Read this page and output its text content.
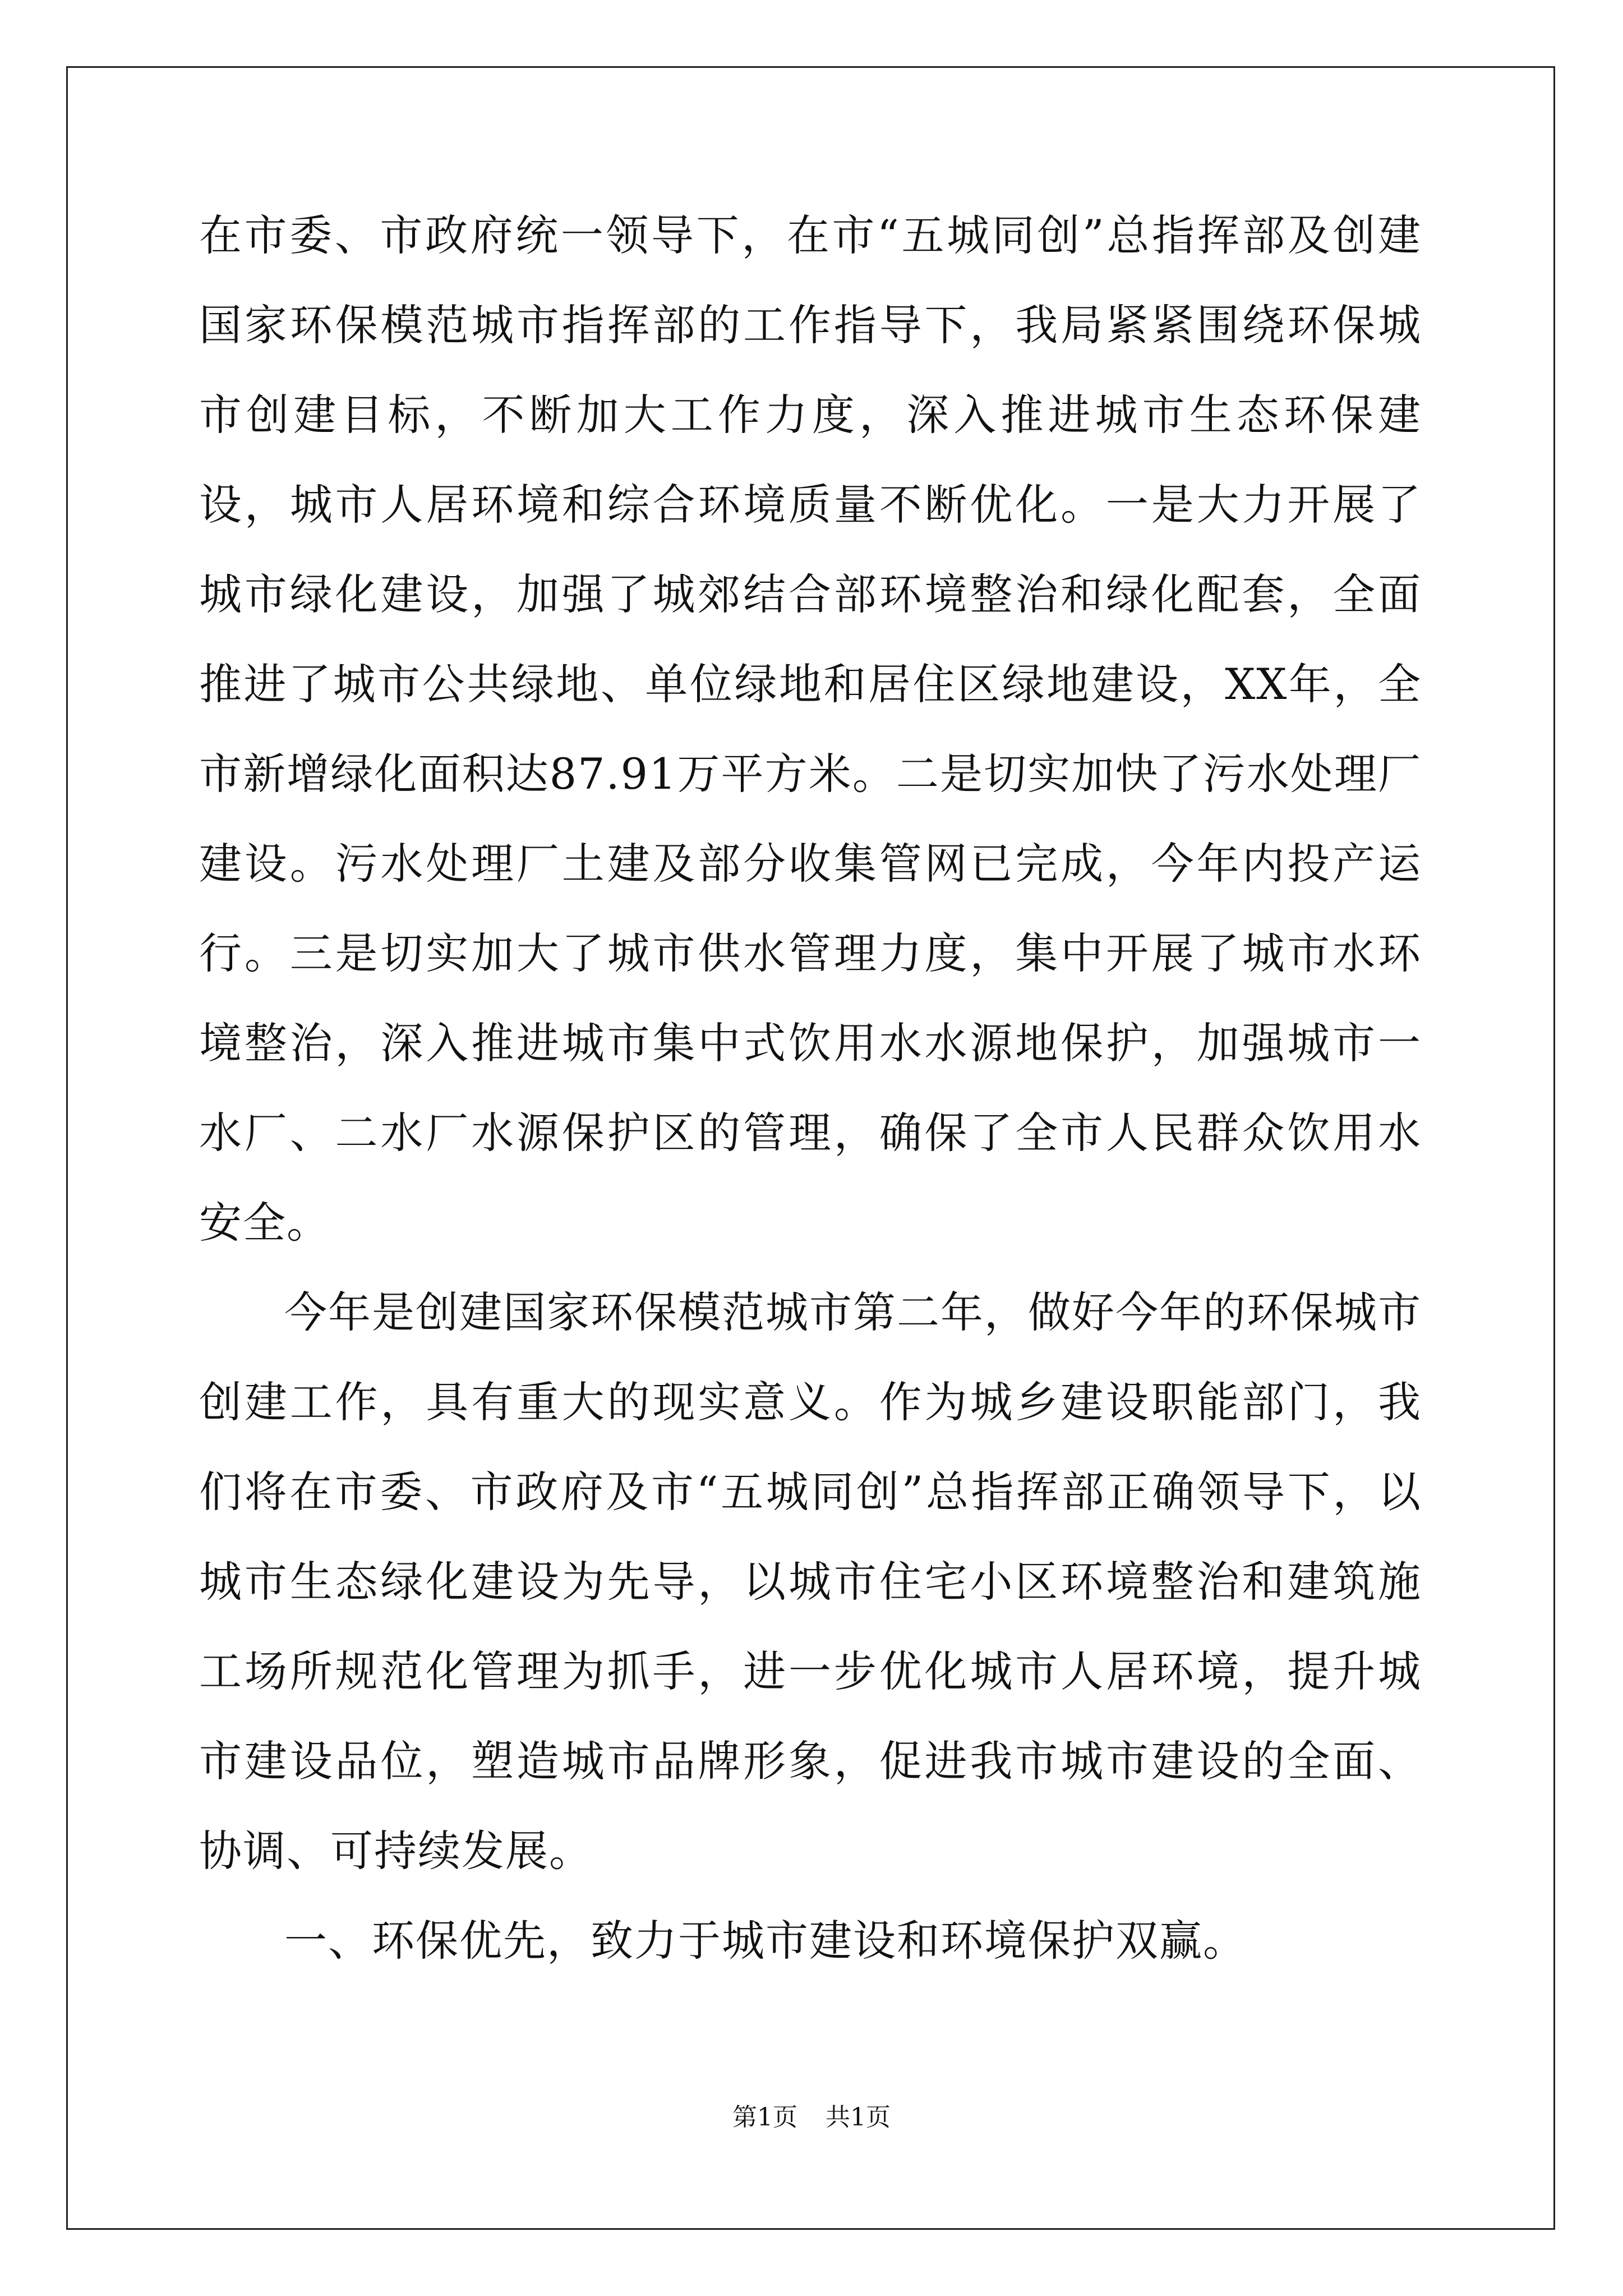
在市委、市政府统一领导下，在市“五城同创”总指挥部及创建国家环保模范城市指挥部的工作指导下，我局紧紧围绕环保城市创建目标，不断加大工作力度，深入推进城市生态环保建设，城市人居环境和综合环境质量不断优化。一是大力开展了城市绿化建设，加强了城郊结合部环境整治和绿化配套，全面推进了城市公共绿地、单位绿地和居住区绿地建设，XX年，全市新增绿化面积达87.91万平方米。二是切实加快了污水处理厂建设。污水处理厂土建及部分收集管网已完成，今年内投产运行。三是切实加大了城市供水管理力度，集中开展了城市水环境整治，深入推进城市集中式饮用水水源地保护，加强城市一水厂、二水厂水源保护区的管理，确保了全市人民群众饮用水安全。

今年是创建国家环保模范城市第二年，做好今年的环保城市创建工作，具有重大的现实意义。作为城乡建设职能部门，我们将在市委、市政府及市“五城同创”总指挥部正确领导下，以城市生态绿化建设为先导，以城市住宅小区环境整治和建筑施工场所规范化管理为抓手，进一步优化城市人居环境，提升城市建设品位，塑造城市品牌形象，促进我市城市建设的全面、协调、可持续发展。

一、环保优先，致力于城市建设和环境保护双赢。

第1页 共1页
